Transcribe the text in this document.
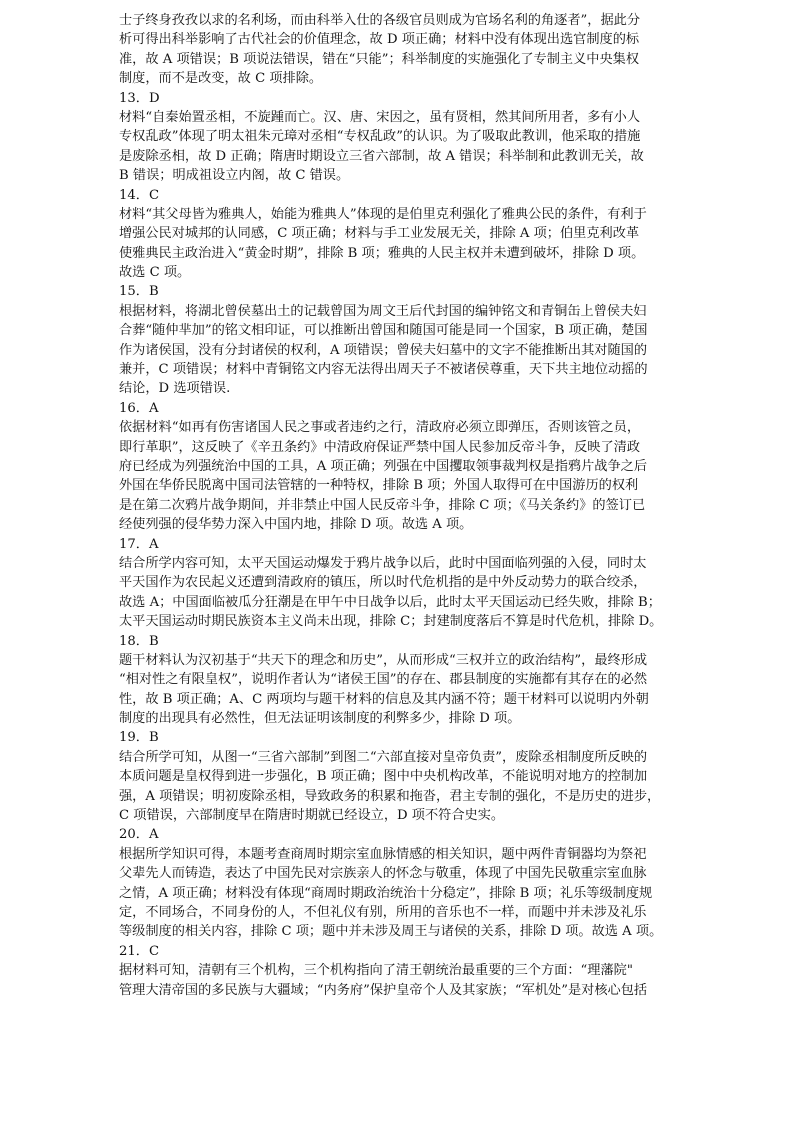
士子终身孜孜以求的名利场，而由科举入仕的各级官员则成为官场名利的角逐者”，据此分
析可得出科举影响了古代社会的价值理念，故 D 项正确；材料中没有体现出选官制度的标
准，故 A 项错误；B 项说法错误，错在“只能”；科举制度的实施强化了专制主义中央集权
制度，而不是改变，故 C 项排除。
13．D
材料“自秦始置丞相，不旋踵而亡。汉、唐、宋因之，虽有贤相，然其间所用者，多有小人
专权乱政”体现了明太祖朱元璋对丞相“专权乱政”的认识。为了吸取此教训，他采取的措施
是废除丞相，故 D 正确；隋唐时期设立三省六部制，故 A 错误；科举制和此教训无关，故
B 错误；明成祖设立内阁，故 C 错误。
14．C
材料“其父母皆为雅典人，始能为雅典人”体现的是伯里克利强化了雅典公民的条件，有利于
增强公民对城邦的认同感，C 项正确；材料与手工业发展无关，排除 A 项；伯里克利改革
使雅典民主政治进入“黄金时期”，排除 B 项；雅典的人民主权并未遭到破坏，排除 D 项。
故选 C 项。
15．B
根据材料，将湖北曾侯墓出土的记载曾国为周文王后代封国的编钟铭文和青铜缶上曾侯夫妇
合葬“随仲芈加”的铭文相印证，可以推断出曾国和随国可能是同一个国家，B 项正确，楚国
作为诸侯国，没有分封诸侯的权利，A 项错误；曾侯夫妇墓中的文字不能推断出其对随国的
兼并，C 项错误；材料中青铜铭文内容无法得出周天子不被诸侯尊重，天下共主地位动摇的
结论，D 选项错误.
16．A
依据材料“如再有伤害诸国人民之事或者违约之行，清政府必须立即弹压，否则该管之员，
即行革职”，这反映了《辛丑条约》中清政府保证严禁中国人民参加反帝斗争，反映了清政
府已经成为列强统治中国的工具，A 项正确；列强在中国攫取领事裁判权是指鸦片战争之后
外国在华侨民脱离中国司法管辖的一种特权，排除 B 项；外国人取得可在中国游历的权利
是在第二次鸦片战争期间，并非禁止中国人民反帝斗争，排除 C 项；《马关条约》的签订已
经使列强的侵华势力深入中国内地，排除 D 项。故选 A 项。
17．A
结合所学内容可知，太平天国运动爆发于鸦片战争以后，此时中国面临列强的入侵，同时太
平天国作为农民起义还遭到清政府的镇压，所以时代危机指的是中外反动势力的联合绞杀，
故选 A；中国面临被瓜分狂潮是在甲午中日战争以后，此时太平天国运动已经失败，排除 B；
太平天国运动时期民族资本主义尚未出现，排除 C；封建制度落后不算是时代危机，排除 D。
18．B
题干材料认为汉初基于“共天下的理念和历史”，从而形成“三权并立的政治结构”，最终形成
“相对性之有限皇权”，说明作者认为“诸侯王国”的存在、郡县制度的实施都有其存在的必然
性，故 B 项正确；A、C 两项均与题干材料的信息及其内涵不符；题干材料可以说明内外朝
制度的出现具有必然性，但无法证明该制度的利弊多少，排除 D 项。
19．B
结合所学可知，从图一“三省六部制”到图二“六部直接对皇帝负责”，废除丞相制度所反映的
本质问题是皇权得到进一步强化，B 项正确；图中中央机构改革，不能说明对地方的控制加
强，A 项错误；明初废除丞相，导致政务的积累和拖沓，君主专制的强化，不是历史的进步，
C 项错误，六部制度早在隋唐时期就已经设立，D 项不符合史实。
20．A
根据所学知识可得，本题考查商周时期宗室血脉情感的相关知识，题中两件青铜器均为祭祀
父辈先人而铸造，表达了中国先民对宗族亲人的怀念与敬重，体现了中国先民敬重宗室血脉
之情，A 项正确；材料没有体现“商周时期政治统治十分稳定”，排除 B 项；礼乐等级制度规
定，不同场合，不同身份的人，不但礼仪有别，所用的音乐也不一样，而题中并未涉及礼乐
等级制度的相关内容，排除 C 项；题中并未涉及周王与诸侯的关系，排除 D 项。故选 A 项。
21．C
据材料可知，清朝有三个机构，三个机构指向了清王朝统治最重要的三个方面：“理藩院"
管理大清帝国的多民族与大疆域；“内务府”保护皇帝个人及其家族；“军机处”是对核心包括
